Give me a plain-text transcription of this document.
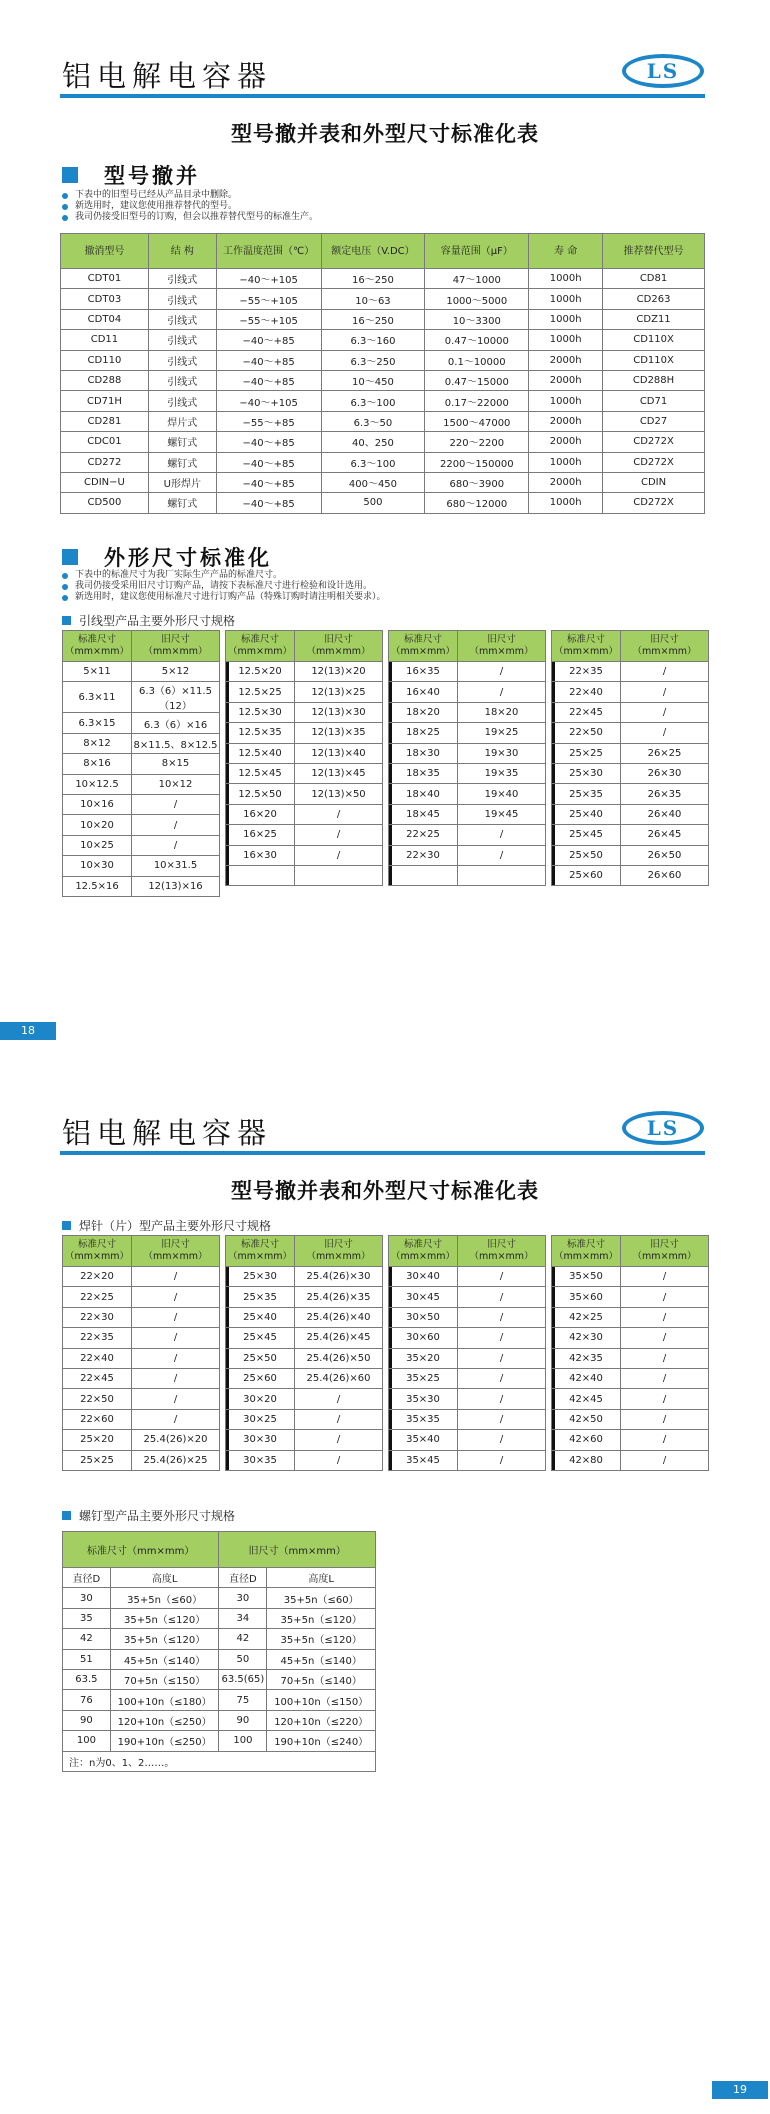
铝电解电容器	LS
型号撤并表和外型尺寸标准化表
型号撤并
下表中的旧型号已经从产品目录中删除。
新选用时，建议您使用推荐替代的型号。
我司仍接受旧型号的订购，但会以推荐替代型号的标准生产。
撤消型号	结 构	工作温度范围（℃）	额定电压（V.DC）	容量范围（μF）	寿 命	推荐替代型号
CDT01	引线式	−40～+105	16～250	47～1000	1000h	CD81
CDT03	引线式	−55～+105	10～63	1000～5000	1000h	CD263
CDT04	引线式	−55～+105	16～250	10～3300	1000h	CDZ11
CD11	引线式	−40～+85	6.3～160	0.47～10000	1000h	CD110X
CD110	引线式	−40～+85	6.3～250	0.1～10000	2000h	CD110X
CD288	引线式	−40～+85	10～450	0.47～15000	2000h	CD288H
CD71H	引线式	−40～+105	6.3～100	0.17～22000	1000h	CD71
CD281	焊片式	−55～+85	6.3～50	1500～47000	2000h	CD27
CDC01	螺钉式	−40～+85	40、250	220～2200	2000h	CD272X
CD272	螺钉式	−40～+85	6.3～100	2200～150000	1000h	CD272X
CDIN−U	U形焊片	−40～+85	400～450	680～3900	2000h	CDIN
CD500	螺钉式	−40～+85	500	680～12000	1000h	CD272X
外形尺寸标准化
下表中的标准尺寸为我厂实际生产产品的标准尺寸。
我司仍接受采用旧尺寸订购产品，请按下表标准尺寸进行检验和设计选用。
新选用时，建议您使用标准尺寸进行订购产品（特殊订购时请注明相关要求）。
引线型产品主要外形尺寸规格
标准尺寸（mm×mm）	旧尺寸（mm×mm）
5×11	5×12
6.3×11	6.3（6）×11.5（12）
6.3×15	6.3（6）×16
8×12	8×11.5、8×12.5
8×16	8×15
10×12.5	10×12
10×16	/
10×20	/
10×25	/
10×30	10×31.5
12.5×16	12(13)×16
标准尺寸（mm×mm）	旧尺寸（mm×mm）
12.5×20	12(13)×20
12.5×25	12(13)×25
12.5×30	12(13)×30
12.5×35	12(13)×35
12.5×40	12(13)×40
12.5×45	12(13)×45
12.5×50	12(13)×50
16×20	/
16×25	/
16×30	/

标准尺寸（mm×mm）	旧尺寸（mm×mm）
16×35	/
16×40	/
18×20	18×20
18×25	19×25
18×30	19×30
18×35	19×35
18×40	19×40
18×45	19×45
22×25	/
22×30	/

标准尺寸（mm×mm）	旧尺寸（mm×mm）
22×35	/
22×40	/
22×45	/
22×50	/
25×25	26×25
25×30	26×30
25×35	26×35
25×40	26×40
25×45	26×45
25×50	26×50
25×60	26×60
18
铝电解电容器	LS
型号撤并表和外型尺寸标准化表
焊针（片）型产品主要外形尺寸规格
标准尺寸（mm×mm）	旧尺寸（mm×mm）
22×20	/
22×25	/
22×30	/
22×35	/
22×40	/
22×45	/
22×50	/
22×60	/
25×20	25.4(26)×20
25×25	25.4(26)×25
标准尺寸（mm×mm）	旧尺寸（mm×mm）
25×30	25.4(26)×30
25×35	25.4(26)×35
25×40	25.4(26)×40
25×45	25.4(26)×45
25×50	25.4(26)×50
25×60	25.4(26)×60
30×20	/
30×25	/
30×30	/
30×35	/
标准尺寸（mm×mm）	旧尺寸（mm×mm）
30×40	/
30×45	/
30×50	/
30×60	/
35×20	/
35×25	/
35×30	/
35×35	/
35×40	/
35×45	/
标准尺寸（mm×mm）	旧尺寸（mm×mm）
35×50	/
35×60	/
42×25	/
42×30	/
42×35	/
42×40	/
42×45	/
42×50	/
42×60	/
42×80	/
螺钉型产品主要外形尺寸规格
标准尺寸（mm×mm）		旧尺寸（mm×mm）	
直径D	高度L	直径D	高度L
30	35+5n（≤60）	30	35+5n（≤60）
35	35+5n（≤120）	34	35+5n（≤120）
42	35+5n（≤120）	42	35+5n（≤120）
51	45+5n（≤140）	50	45+5n（≤140）
63.5	70+5n（≤150）	63.5(65)	70+5n（≤140）
76	100+10n（≤180）	75	100+10n（≤150）
90	120+10n（≤250）	90	120+10n（≤220）
100	190+10n（≤250）	100	190+10n（≤240）
注：n为0、1、2……。			
19
